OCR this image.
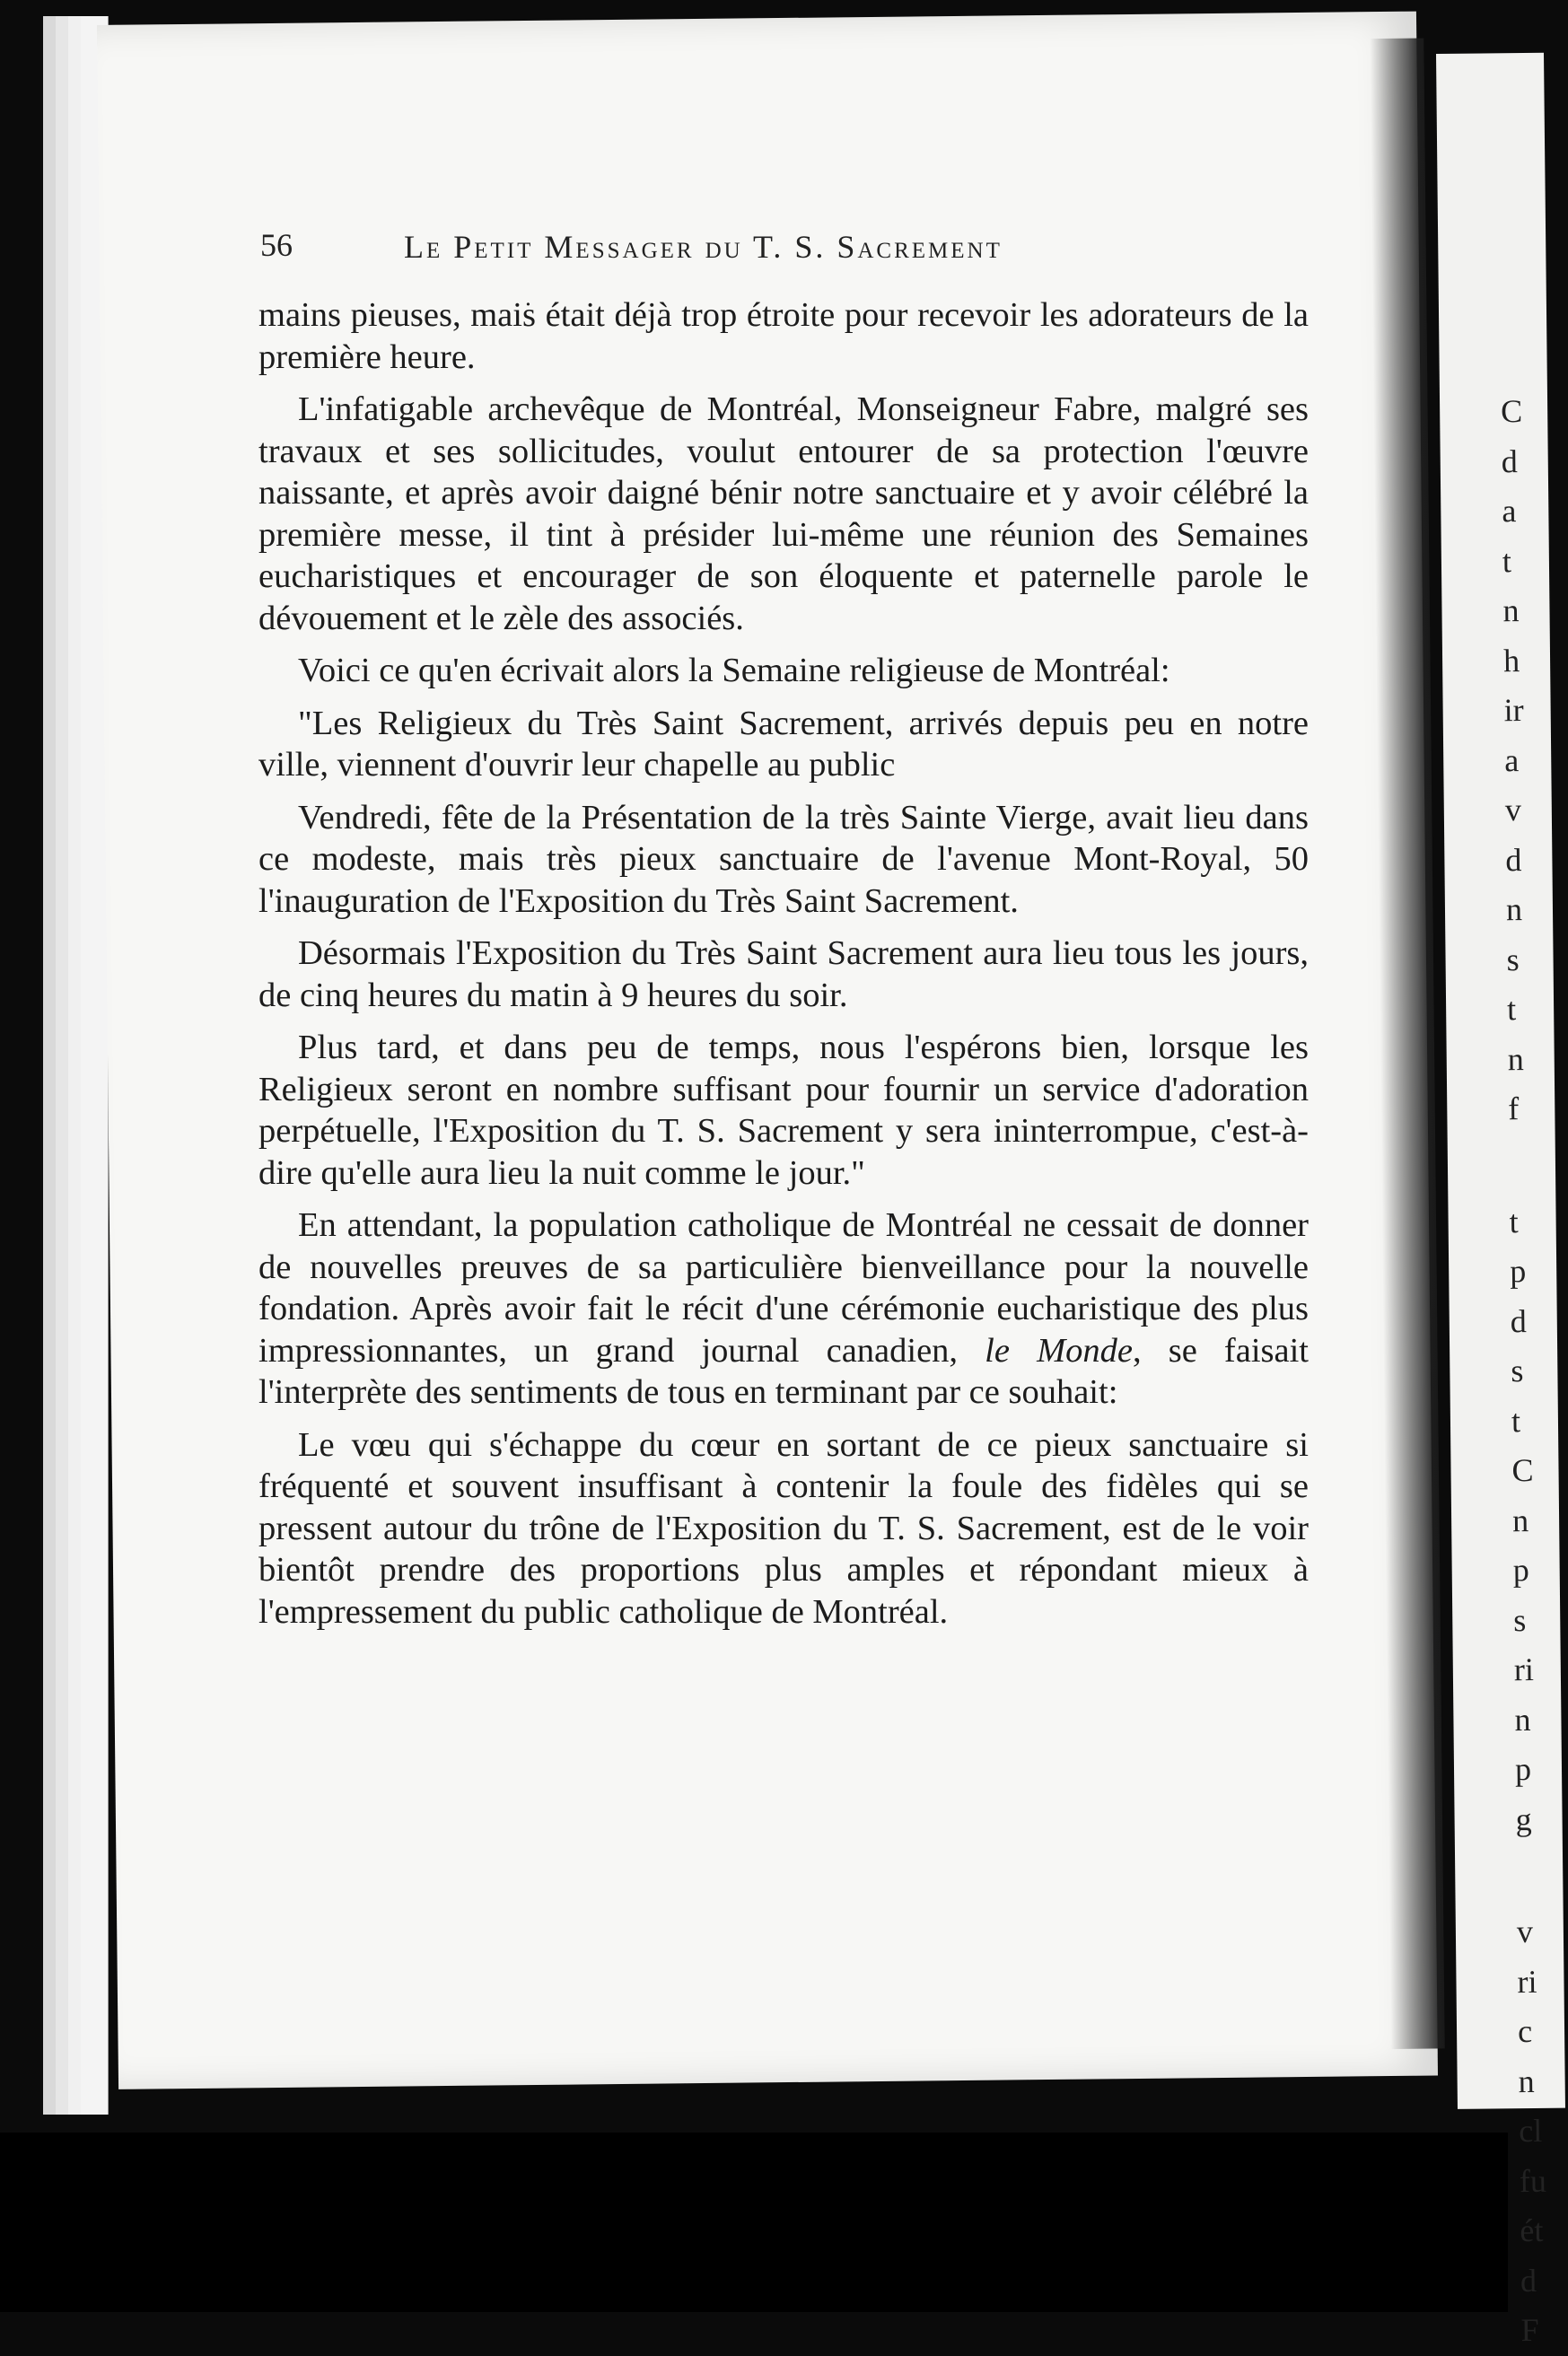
C
d
a
t
n
h
ir
a
v
d
n
s
t
n
f
t
p
d
s
t
C
n
p
s
ri
n
p
g
v
ri
c
n
cl
fu
ét
d
F
56	Le Petit Messager du T. S. Sacrement

mains pieuses, mai͘s était déjà trop étroite pour recevoir les adorateurs de la première heure.

L'infatigable archevêque de Montréal, Monseigneur Fabre, malgré ses travaux et ses sollicitudes, voulut entourer de sa protection l'œuvre naissante, et après avoir daigné bénir notre sanctuaire et y avoir célébré la première messe, il tint à présider lui-même une réunion des Semaines eucharistiques et encourager de son éloquente et paternelle parole le dévouement et le zèle des associés.

Voici ce qu'en écrivait alors la Semaine religieuse de Montréal:

"Les Religieux du Très Saint Sacrement, arrivés depuis peu en notre ville, viennent d'ouvrir leur chapelle au public

Vendredi, fête de la Présentation de la très Sainte Vierge, avait lieu dans ce modeste, mais très pieux sanctuaire de l'avenue Mont-Royal, 50 l'inauguration de l'Exposition du Très Saint Sacrement.

Désormais l'Exposition du Très Saint Sacrement aura lieu tous les jours, de cinq heures du matin à 9 heures du soir.

Plus tard, et dans peu de temps, nous l'espérons bien, lorsque les Religieux seront en nombre suffisant pour fournir un service d'adoration perpétuelle, l'Exposition du T. S. Sacrement y sera ininterrompue, c'est-à-dire qu'elle aura lieu la nuit comme le jour."

En attendant, la population catholique de Montréal ne cessait de donner de nouvelles preuves de sa particulière bienveillance pour la nouvelle fondation. Après avoir fait le récit d'une cérémonie eucharistique des plus impressionnantes, un grand journal canadien, le Monde, se faisait l'interprète des sentiments de tous en terminant par ce souhait:

Le vœu qui s'échappe du cœur en sortant de ce pieux sanctuaire si fréquenté et souvent insuffisant à contenir la foule des fidèles qui se pressent autour du trône de l'Exposition du T. S. Sacrement, est de le voir bientôt prendre des proportions plus amples et répondant mieux à l'empressement du public catholique de Montréal.
